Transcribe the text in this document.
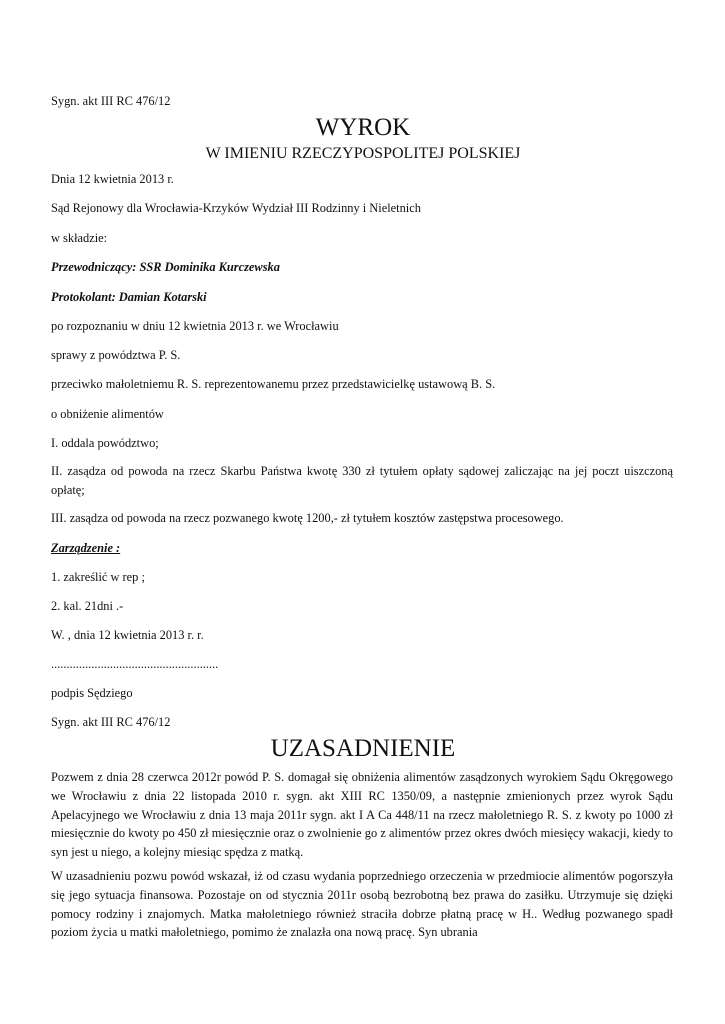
Sygn. akt III RC 476/12
WYROK
W IMIENIU RZECZYPOSPOLITEJ POLSKIEJ
Dnia 12 kwietnia 2013 r.
Sąd Rejonowy dla Wrocławia-Krzyków Wydział III Rodzinny i Nieletnich
w składzie:
Przewodniczący: SSR Dominika Kurczewska
Protokolant: Damian Kotarski
po rozpoznaniu w dniu 12 kwietnia 2013 r. we Wrocławiu
sprawy z powództwa P. S.
przeciwko małoletniemu R. S. reprezentowanemu przez przedstawicielkę ustawową B. S.
o obniżenie alimentów
I. oddala powództwo;
II. zasądza od powoda na rzecz Skarbu Państwa kwotę 330 zł tytułem opłaty sądowej zaliczając na jej poczt uiszczoną opłatę;
III. zasądza od powoda na rzecz pozwanego kwotę 1200,- zł tytułem kosztów zastępstwa procesowego.
Zarządzenie :
1. zakreślić w rep ;
2. kal. 21dni .-
W. , dnia 12 kwietnia 2013 r. r.
......................................................
podpis Sędziego
Sygn. akt III RC 476/12
UZASADNIENIE
Pozwem z dnia 28 czerwca 2012r powód P. S. domagał się obniżenia alimentów zasądzonych wyrokiem Sądu Okręgowego we Wrocławiu z dnia 22 listopada 2010 r. sygn. akt XIII RC 1350/09, a następnie zmienionych przez wyrok Sądu Apelacyjnego we Wrocławiu z dnia 13 maja 2011r sygn. akt I A Ca 448/11 na rzecz małoletniego R. S. z kwoty po 1000 zł miesięcznie do kwoty po 450 zł miesięcznie oraz o zwolnienie go z alimentów przez okres dwóch miesięcy wakacji, kiedy to syn jest u niego, a kolejny miesiąc spędza z matką.
W uzasadnieniu pozwu powód wskazał, iż od czasu wydania poprzedniego orzeczenia w przedmiocie alimentów pogorszyła się jego sytuacja finansowa. Pozostaje on od stycznia 2011r osobą bezrobotną bez prawa do zasiłku. Utrzymuje się dzięki pomocy rodziny i znajomych. Matka małoletniego również straciła dobrze płatną pracę w H.. Według pozwanego spadł poziom życia u matki małoletniego, pomimo że znalazła ona nową pracę. Syn ubrania
